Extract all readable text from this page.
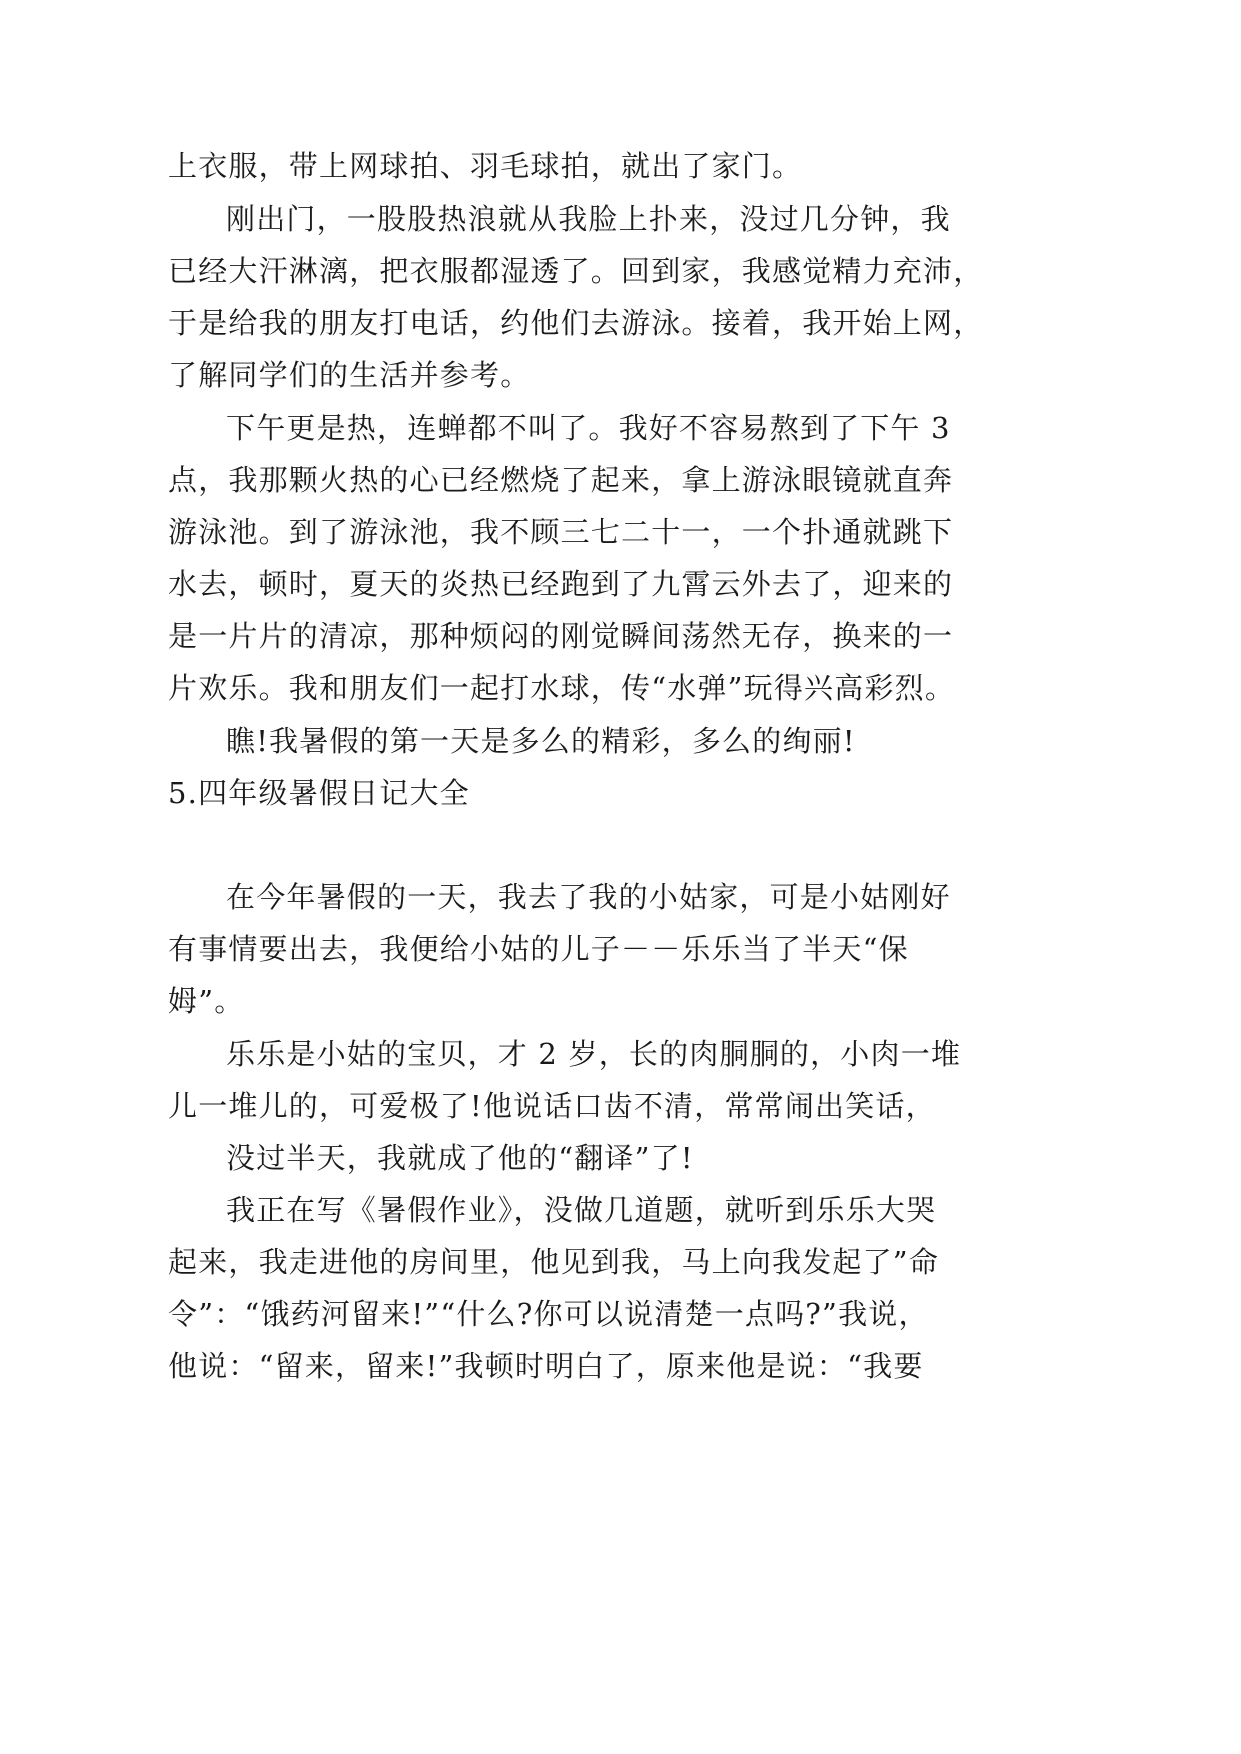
上衣服，带上网球拍、羽毛球拍，就出了家门。

刚出门，一股股热浪就从我脸上扑来，没过几分钟，我

已经大汗淋漓，把衣服都湿透了。回到家，我感觉精力充沛，

于是给我的朋友打电话，约他们去游泳。接着，我开始上网，

了解同学们的生活并参考。

下午更是热，连蝉都不叫了。我好不容易熬到了下午 3

点，我那颗火热的心已经燃烧了起来，拿上游泳眼镜就直奔

游泳池。到了游泳池，我不顾三七二十一，一个扑通就跳下

水去，顿时，夏天的炎热已经跑到了九霄云外去了，迎来的

是一片片的清凉，那种烦闷的刚觉瞬间荡然无存，换来的一

片欢乐。我和朋友们一起打水球，传“水弹”玩得兴高彩烈。

瞧!我暑假的第一天是多么的精彩，多么的绚丽!

5.四年级暑假日记大全

在今年暑假的一天，我去了我的小姑家，可是小姑刚好

有事情要出去，我便给小姑的儿子－－乐乐当了半天“保

姆”。

乐乐是小姑的宝贝，才 2 岁，长的肉胴胴的，小肉一堆

儿一堆儿的，可爱极了!他说话口齿不清，常常闹出笑话，

没过半天，我就成了他的“翻译”了!

我正在写《暑假作业》，没做几道题，就听到乐乐大哭

起来，我走进他的房间里，他见到我，马上向我发起了”命

令”：“饿药河留来!”“什么?你可以说清楚一点吗?”我说，

他说：“留来，留来!”我顿时明白了，原来他是说：“我要
